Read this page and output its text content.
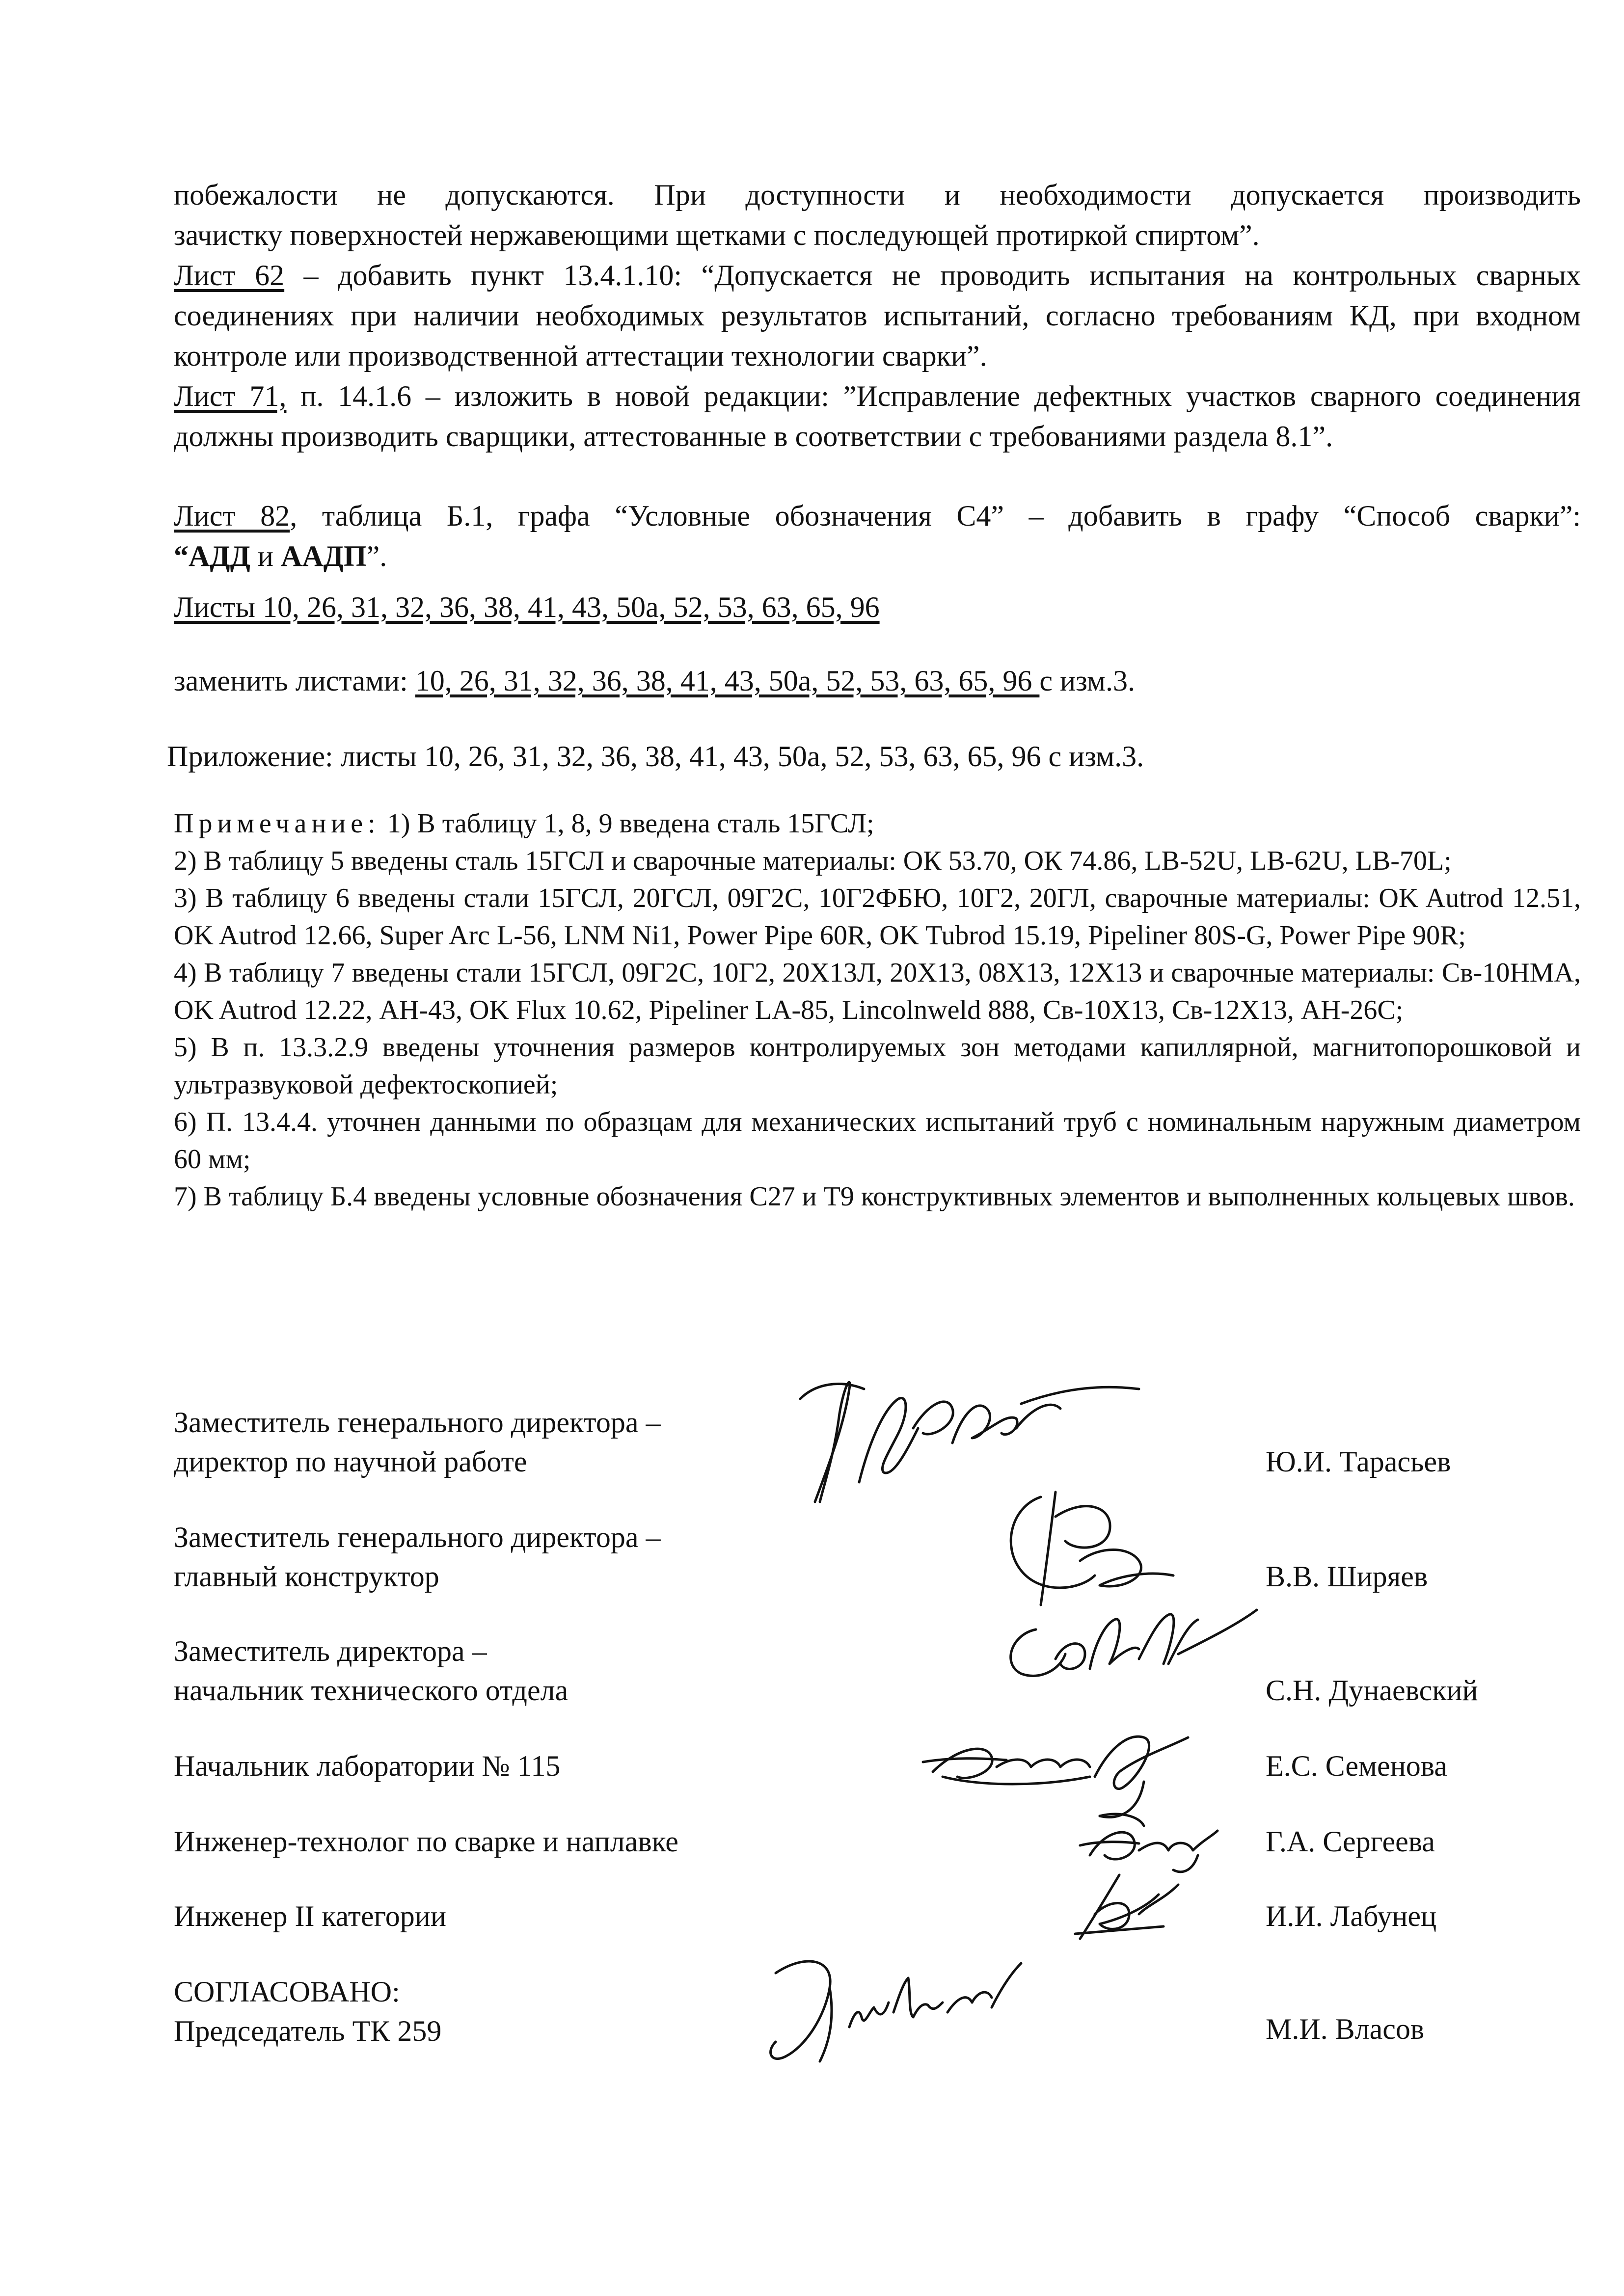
побежалости не допускаются. При доступности и необходимости допускается производить
зачистку поверхностей нержавеющими щетками с последующей протиркой спиртом”.
Лист 62 – добавить пункт 13.4.1.10: “Допускается не проводить испытания на контрольных сварных соединениях при наличии необходимых результатов испытаний, согласно требованиям КД, при входном контроле или производственной аттестации технологии сварки”.
Лист 71, п. 14.1.6 – изложить в новой редакции: ”Исправление дефектных участков сварного соединения должны производить сварщики, аттестованные в соответствии с требованиями раздела 8.1”.
Лист 82, таблица Б.1, графа “Условные обозначения С4” – добавить в графу “Способ сварки”:
“АДД и ААДП”.
Листы 10, 26, 31, 32, 36, 38, 41, 43, 50а, 52, 53, 63, 65, 96
заменить листами: 10, 26, 31, 32, 36, 38, 41, 43, 50а, 52, 53, 63, 65, 96 с изм.3.
Приложение: листы 10, 26, 31, 32, 36, 38, 41, 43, 50а, 52, 53, 63, 65, 96 с изм.3.

Примечание: 1) В таблицу 1, 8, 9 введена сталь 15ГСЛ;

2) В таблицу 5 введены сталь 15ГСЛ и сварочные материалы: ОК 53.70, ОК 74.86, LB-52U, LB-62U, LB-70L;

3) В таблицу 6 введены стали 15ГСЛ, 20ГСЛ, 09Г2С, 10Г2ФБЮ, 10Г2, 20ГЛ, сварочные материалы: OK Autrod 12.51, OK Autrod 12.66, Super Arc L-56, LNM Ni1, Power Pipe 60R, OK Tubrod 15.19, Pipeliner 80S-G, Power Pipe 90R;

4) В таблицу 7 введены стали 15ГСЛ, 09Г2С, 10Г2, 20Х13Л, 20Х13, 08Х13, 12Х13 и сварочные материалы: Св-10НМА, OK Autrod 12.22, АН-43, OK Flux 10.62, Pipeliner LA-85, Lincolnweld 888, Св-10Х13, Св-12Х13, АН-26С;

5) В п. 13.3.2.9 введены уточнения размеров контролируемых зон методами капиллярной, магнитопорошковой и ультразвуковой дефектоскопией;

6) П. 13.4.4. уточнен данными по образцам для механических испытаний труб с номинальным наружным диаметром 60 мм;

7) В таблицу Б.4 введены условные обозначения С27 и Т9 конструктивных элементов и выполненных кольцевых швов.

Заместитель генерального директора –
директор по научной работе	Ю.И. Тарасьев
Заместитель генерального директора –
главный конструктор	В.В. Ширяев
Заместитель директора –
начальник технического отдела	С.Н. Дунаевский
Начальник лаборатории № 115	Е.С. Семенова
Инженер-технолог по сварке и наплавке	Г.А. Сергеева
Инженер II категории	И.И. Лабунец
СОГЛАСОВАНО:
Председатель ТК 259	М.И. Власов
